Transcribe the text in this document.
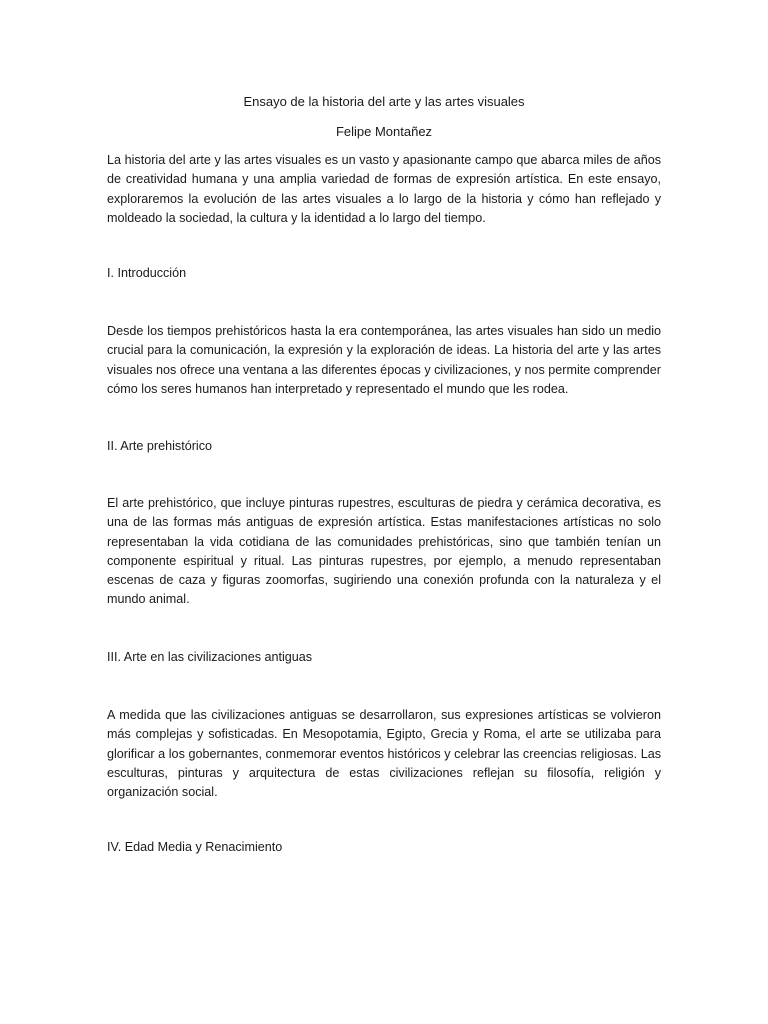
Ensayo de la historia del arte y las artes visuales
Felipe Montañez

La historia del arte y las artes visuales es un vasto y apasionante campo que abarca miles de años de creatividad humana y una amplia variedad de formas de expresión artística. En este ensayo, exploraremos la evolución de las artes visuales a lo largo de la historia y cómo han reflejado y moldeado la sociedad, la cultura y la identidad a lo largo del tiempo.

I. Introducción

Desde los tiempos prehistóricos hasta la era contemporánea, las artes visuales han sido un medio crucial para la comunicación, la expresión y la exploración de ideas. La historia del arte y las artes visuales nos ofrece una ventana a las diferentes épocas y civilizaciones, y nos permite comprender cómo los seres humanos han interpretado y representado el mundo que les rodea.

II. Arte prehistórico

El arte prehistórico, que incluye pinturas rupestres, esculturas de piedra y cerámica decorativa, es una de las formas más antiguas de expresión artística. Estas manifestaciones artísticas no solo representaban la vida cotidiana de las comunidades prehistóricas, sino que también tenían un componente espiritual y ritual. Las pinturas rupestres, por ejemplo, a menudo representaban escenas de caza y figuras zoomorfas, sugiriendo una conexión profunda con la naturaleza y el mundo animal.

III. Arte en las civilizaciones antiguas

A medida que las civilizaciones antiguas se desarrollaron, sus expresiones artísticas se volvieron más complejas y sofisticadas. En Mesopotamia, Egipto, Grecia y Roma, el arte se utilizaba para glorificar a los gobernantes, conmemorar eventos históricos y celebrar las creencias religiosas. Las esculturas, pinturas y arquitectura de estas civilizaciones reflejan su filosofía, religión y organización social.

IV. Edad Media y Renacimiento
